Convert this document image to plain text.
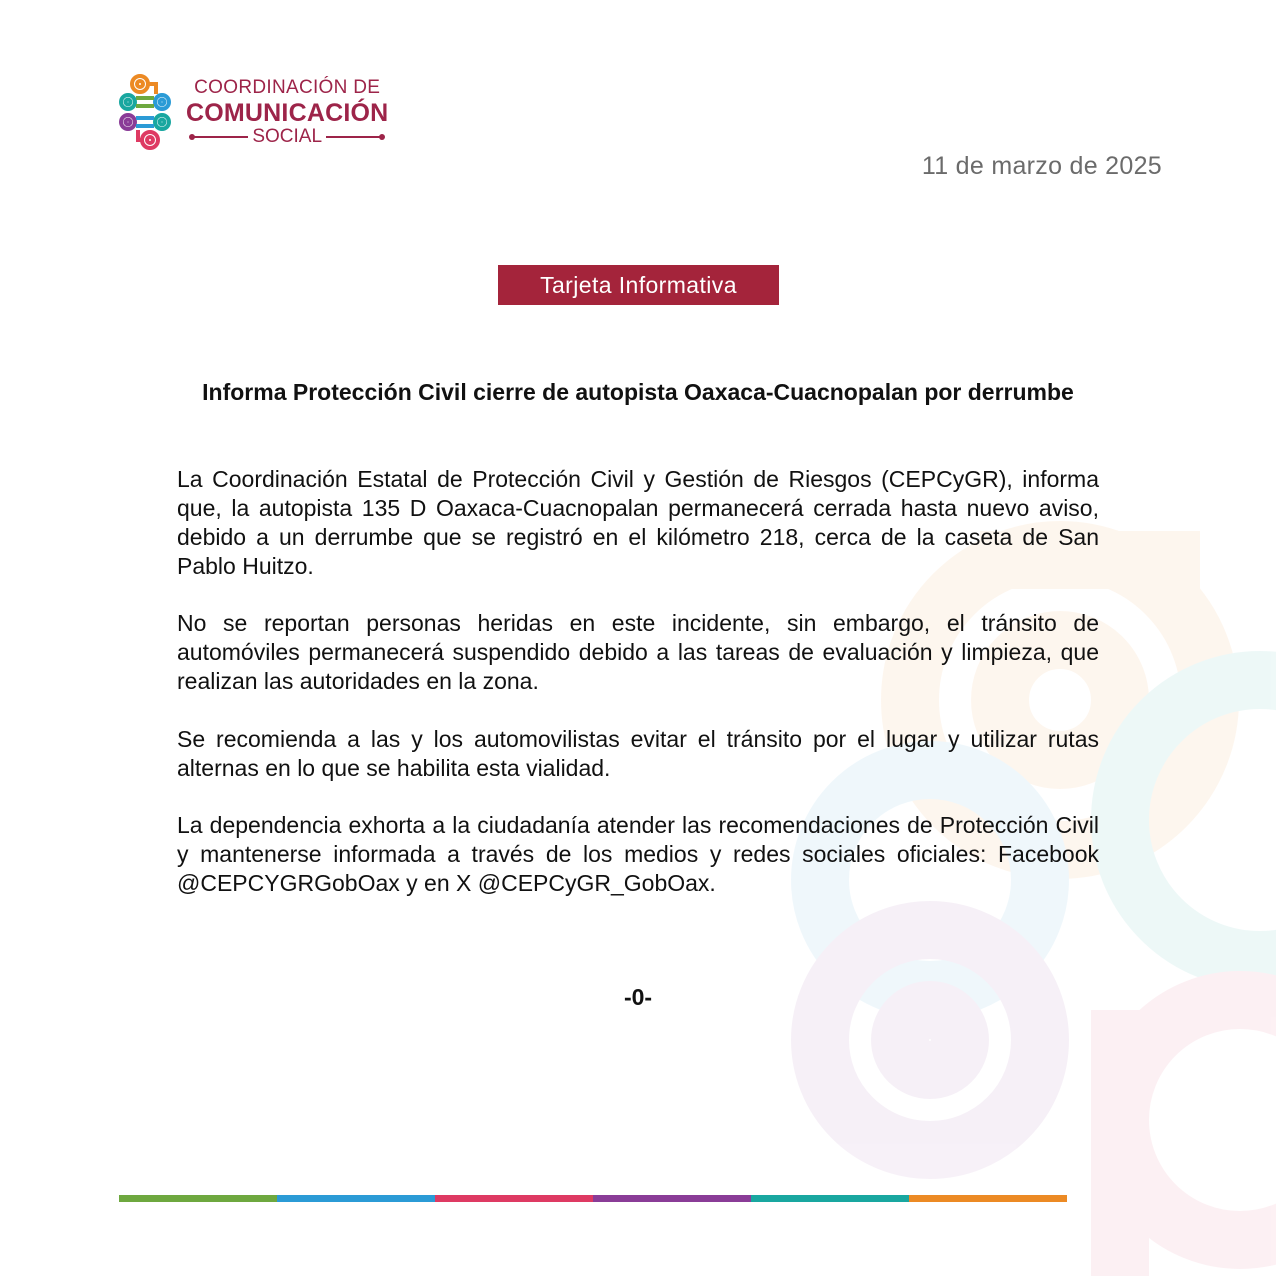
COORDINACIÓN DE
COMUNICACIÓN
SOCIAL
11 de marzo de 2025
Tarjeta Informativa
Informa Protección Civil cierre de autopista Oaxaca-Cuacnopalan por derrumbe

La Coordinación Estatal de Protección Civil y Gestión de Riesgos (CEPCyGR), informa que, la autopista 135 D Oaxaca-Cuacnopalan permanecerá cerrada hasta nuevo aviso, debido a un derrumbe que se registró en el kilómetro 218, cerca de la caseta de San Pablo Huitzo.

No se reportan personas heridas en este incidente, sin embargo, el tránsito de automóviles permanecerá suspendido debido a las tareas de evaluación y limpieza, que realizan las autoridades en la zona.

Se recomienda a las y los automovilistas evitar el tránsito por el lugar y utilizar rutas alternas en lo que se habilita esta vialidad.

La dependencia exhorta a la ciudadanía atender las recomendaciones de Protección Civil y mantenerse informada a través de los medios y redes sociales oficiales: Facebook @CEPCYGRGobOax y en X @CEPCyGR_GobOax.

-0-
